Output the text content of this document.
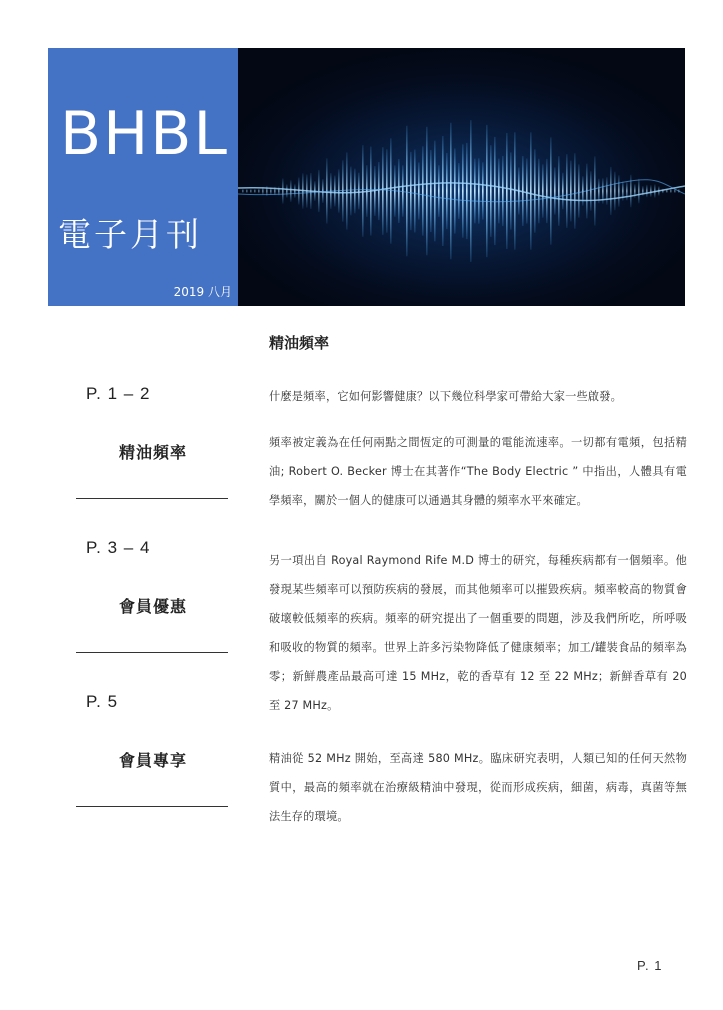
BHBL
電子月刊
2019 八月
P. 1 – 2
精油頻率
P. 3 – 4
會員優惠
P. 5
會員專享
精油頻率

什麼是頻率，它如何影響健康？以下幾位科學家可帶給大家一些啟發。

頻率被定義為在任何兩點之間恆定的可測量的電能流速率。一切都有電頻，包括精油; Robert O. Becker 博士在其著作“The Body Electric ” 中指出，人體具有電學頻率，關於一個人的健康可以通過其身體的頻率水平來確定。

另一項出自 Royal Raymond Rife M.D 博士的研究，每種疾病都有一個頻率。他發現某些頻率可以預防疾病的發展，而其他頻率可以摧毀疾病。頻率較高的物質會破壞較低頻率的疾病。頻率的研究提出了一個重要的問題，涉及我們所吃，所呼吸和吸收的物質的頻率。世界上許多污染物降低了健康頻率；加工/罐裝食品的頻率為零；新鮮農產品最高可達 15 MHz，乾的香草有 12 至 22 MHz；新鮮香草有 20 至 27 MHz。

精油從 52 MHz 開始，至高達 580 MHz。臨床研究表明，人類已知的任何天然物質中，最高的頻率就在治療級精油中發現，從而形成疾病，細菌，病毒，真菌等無法生存的環境。

P. 1
